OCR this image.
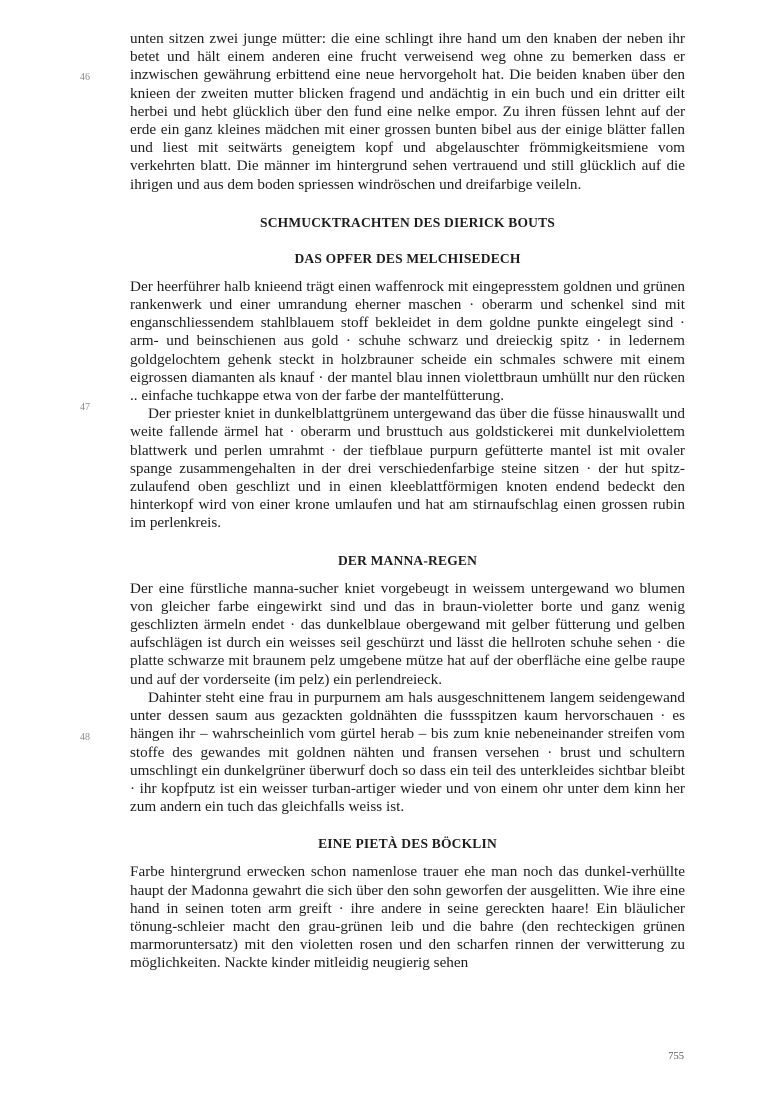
46
47
48

unten sitzen zwei junge mütter: die eine schlingt ihre hand um den knaben der neben ihr betet und hält einem anderen eine frucht verweisend weg ohne zu bemerken dass er inzwischen gewährung erbittend eine neue hervorgeholt hat. Die beiden knaben über den knieen der zweiten mutter blicken fragend und andächtig in ein buch und ein dritter eilt herbei und hebt glücklich über den fund eine nelke empor. Zu ihren füssen lehnt auf der erde ein ganz kleines mädchen mit einer grossen bunten bibel aus der einige blätter fallen und liest mit seitwärts geneigtem kopf und abgelauschter frömmigkeitsmiene vom verkehrten blatt. Die männer im hintergrund sehen vertrauend und still glücklich auf die ihrigen und aus dem boden spriessen windröschen und dreifarbige veileln.

SCHMUCKTRACHTEN DES DIERICK BOUTS
DAS OPFER DES MELCHISEDECH

Der heerführer halb knieend trägt einen waffenrock mit eingepresstem goldnen und grünen rankenwerk und einer umrandung eherner maschen · oberarm und schenkel sind mit enganschliessendem stahlblauem stoff bekleidet in dem goldne punkte eingelegt sind · arm- und beinschienen aus gold · schuhe schwarz und dreieckig spitz · in ledernem goldgelochtem gehenk steckt in holzbrauner scheide ein schmales schwere mit einem eigrossen diamanten als knauf · der mantel blau innen violettbraun umhüllt nur den rücken .. einfache tuchkappe etwa von der farbe der mantelfütterung.

Der priester kniet in dunkelblattgrünem untergewand das über die füsse hinauswallt und weite fallende ärmel hat · oberarm und brusttuch aus goldstickerei mit dunkelviolettem blattwerk und perlen umrahmt · der tiefblaue purpurn gefütterte mantel ist mit ovaler spange zusammengehalten in der drei verschiedenfarbige steine sitzen · der hut spitz-zulaufend oben geschlizt und in einen kleeblattförmigen knoten endend bedeckt den hinterkopf wird von einer krone umlaufen und hat am stirnaufschlag einen grossen rubin im perlenkreis.

DER MANNA-REGEN

Der eine fürstliche manna-sucher kniet vorgebeugt in weissem untergewand wo blumen von gleicher farbe eingewirkt sind und das in braun-violetter borte und ganz wenig geschlizten ärmeln endet · das dunkelblaue obergewand mit gelber fütterung und gelben aufschlägen ist durch ein weisses seil geschürzt und lässt die hellroten schuhe sehen · die platte schwarze mit braunem pelz umgebene mütze hat auf der oberfläche eine gelbe raupe und auf der vorderseite (im pelz) ein perlendreieck.

Dahinter steht eine frau in purpurnem am hals ausgeschnittenem langem seidengewand unter dessen saum aus gezackten goldnähten die fussspitzen kaum hervorschauen · es hängen ihr – wahrscheinlich vom gürtel herab – bis zum knie nebeneinander streifen vom stoffe des gewandes mit goldnen nähten und fransen versehen · brust und schultern umschlingt ein dunkelgrüner überwurf doch so dass ein teil des unterkleides sichtbar bleibt · ihr kopfputz ist ein weisser turban-artiger wieder und von einem ohr unter dem kinn her zum andern ein tuch das gleichfalls weiss ist.

EINE PIETÀ DES BÖCKLIN

Farbe hintergrund erwecken schon namenlose trauer ehe man noch das dunkel-verhüllte haupt der Madonna gewahrt die sich über den sohn geworfen der ausgelitten. Wie ihre eine hand in seinen toten arm greift · ihre andere in seine gereckten haare! Ein bläulicher tönung-schleier macht den grau-grünen leib und die bahre (den rechteckigen grünen marmoruntersatz) mit den violetten rosen und den scharfen rinnen der verwitterung zu möglichkeiten. Nackte kinder mitleidig neugierig sehen

755
